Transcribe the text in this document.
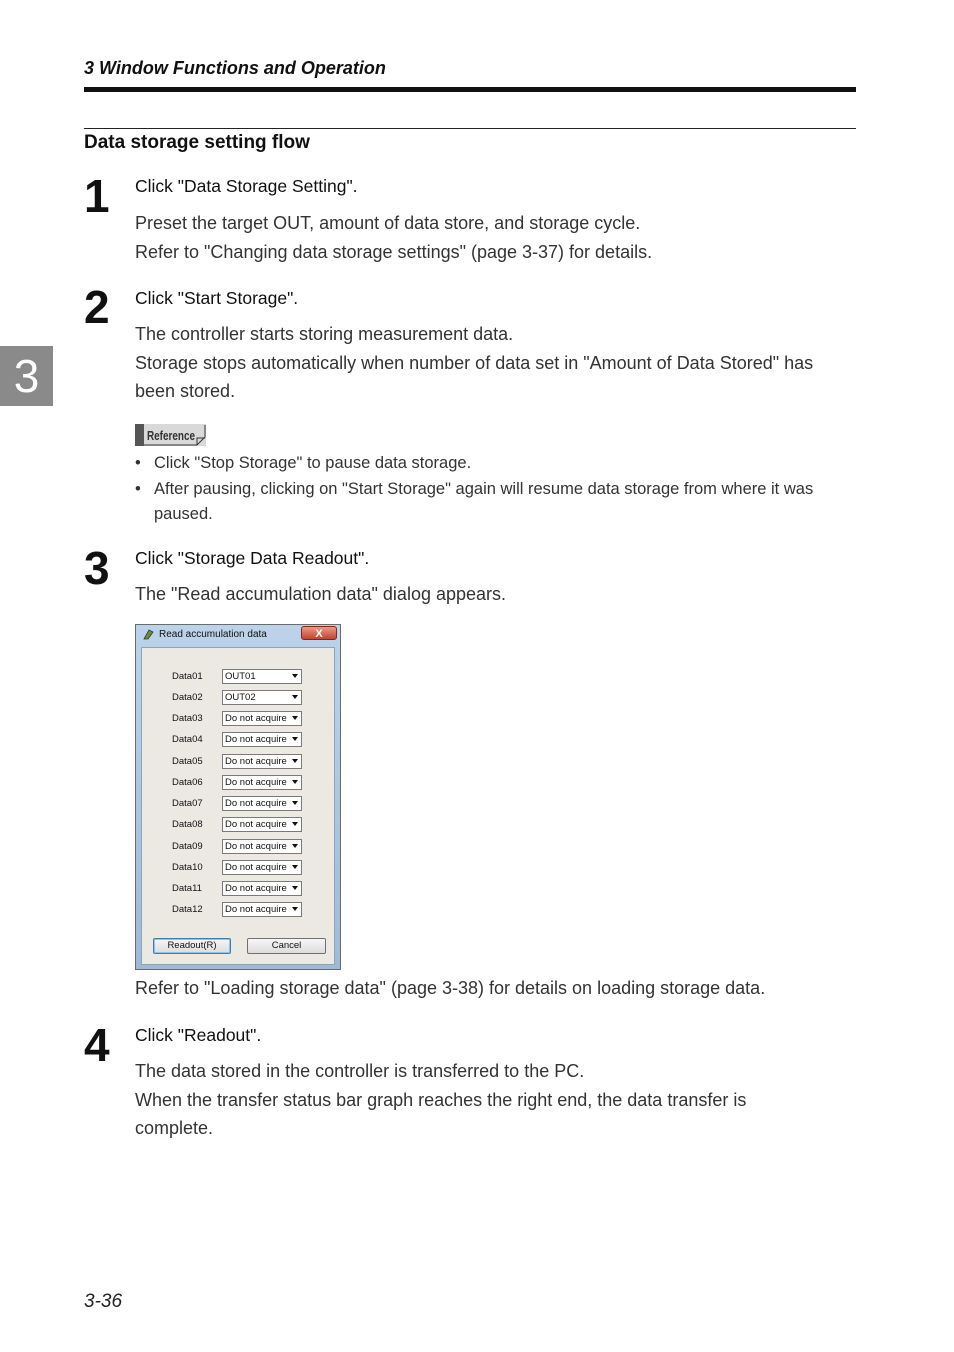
3 Window Functions and Operation
3
Data storage setting flow
1 Click "Data Storage Setting".
Preset the target OUT, amount of data store, and storage cycle.
Refer to "Changing data storage settings" (page 3-37) for details.
2 Click "Start Storage".
The controller starts storing measurement data.
Storage stops automatically when number of data set in "Amount of Data Stored" has been stored.
Reference
• Click "Stop Storage" to pause data storage.
• After pausing, clicking on "Start Storage" again will resume data storage from where it was paused.
3 Click "Storage Data Readout".
The "Read accumulation data" dialog appears.
Read accumulation data	X
Data01	OUT01
Data02	OUT02
Data03	Do not acquire
Data04	Do not acquire
Data05	Do not acquire
Data06	Do not acquire
Data07	Do not acquire
Data08	Do not acquire
Data09	Do not acquire
Data10	Do not acquire
Data11	Do not acquire
Data12	Do not acquire
Readout(R)	Cancel
Refer to "Loading storage data" (page 3-38) for details on loading storage data.
4 Click "Readout".
The data stored in the controller is transferred to the PC.
When the transfer status bar graph reaches the right end, the data transfer is complete.
3-36
